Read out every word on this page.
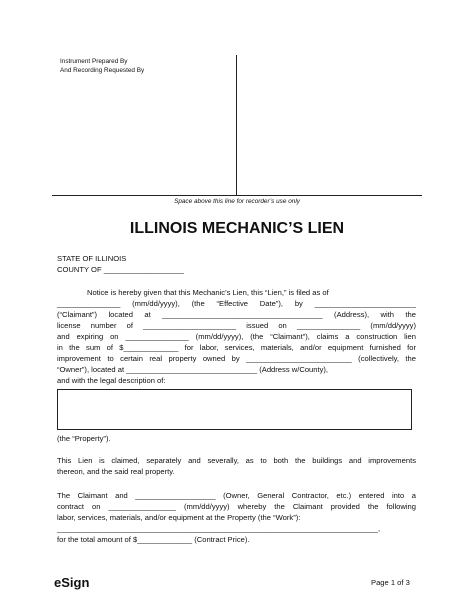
Instrument Prepared By
And Recording Requested By
Space above this line for recorder’s use only
ILLINOIS MECHANIC’S LIEN
STATE OF ILLINOIS
COUNTY OF ___________________
Notice is hereby given that this Mechanic’s Lien, this “Lien,” is filed as of
_______________ (mm/dd/yyyy), (the “Effective Date”), by ________________________
(“Claimant”) located at ______________________________________ (Address), with the
license number of ______________________ issued on _______________ (mm/dd/yyyy)
and expiring on _______________ (mm/dd/yyyy), (the “Claimant”), claims a construction lien
in the sum of $_____________ for labor, services, materials, and/or equipment furnished for
improvement to certain real property owned by _________________________ (collectively, the
“Owner”), located at _______________________________ (Address w/County),
and with the legal description of:
(the “Property”).
This Lien is claimed, separately and severally, as to both the buildings and improvements
thereon, and the said real property.
The Claimant and ___________________ (Owner, General Contractor, etc.) entered into a
contract on ________________ (mm/dd/yyyy) whereby the Claimant provided the following
labor, services, materials, and/or equipment at the Property (the “Work”):
____________________________________________________________________________,
for the total amount of $_____________ (Contract Price).
eSign	Page 1 of 3
